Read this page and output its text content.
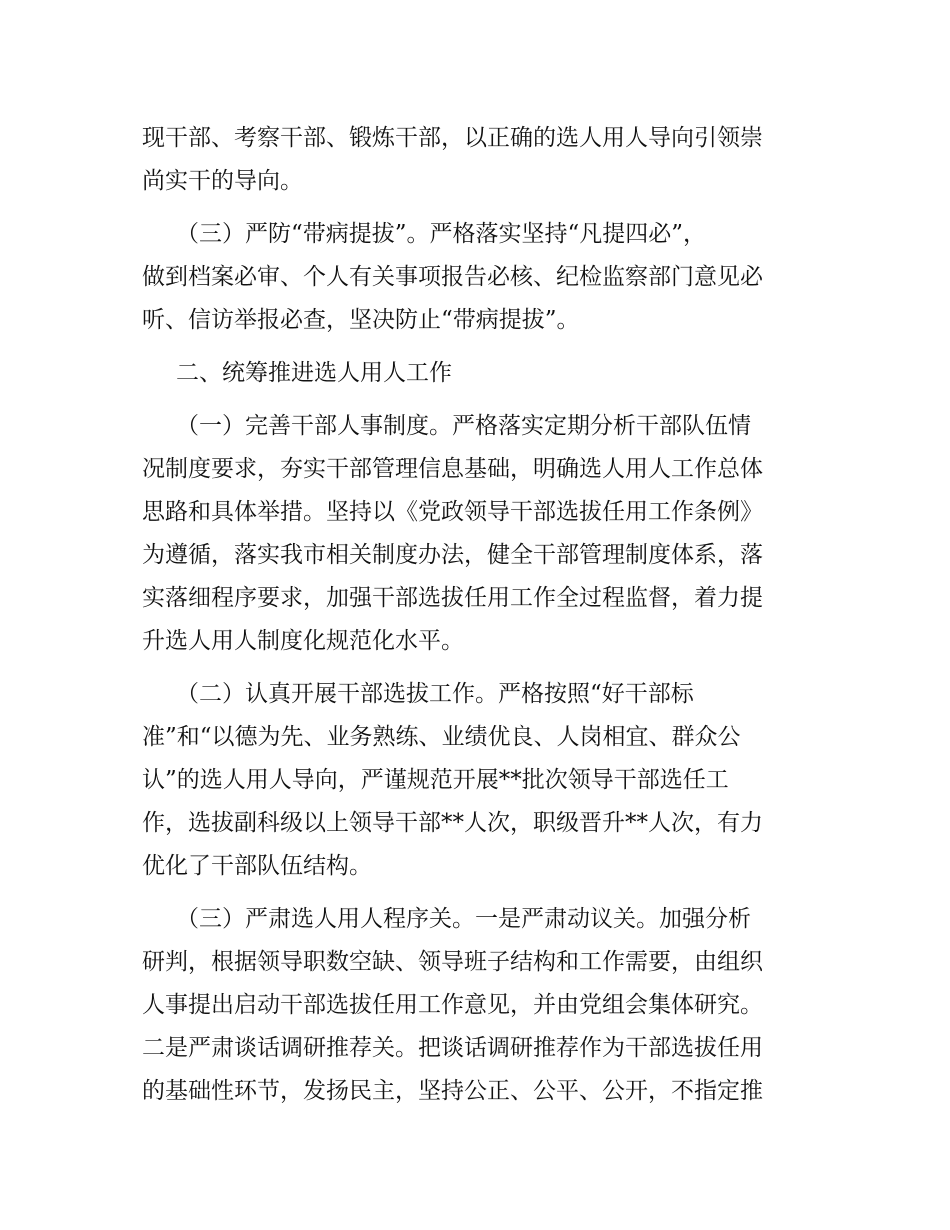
现干部、考察干部、锻炼干部，以正确的选人用人导向引领崇
尚实干的导向。
（三）严防“带病提拔”。严格落实坚持“凡提四必”，
做到档案必审、个人有关事项报告必核、纪检监察部门意见必
听、信访举报必查，坚决防止“带病提拔”。
二、统筹推进选人用人工作
（一）完善干部人事制度。严格落实定期分析干部队伍情
况制度要求，夯实干部管理信息基础，明确选人用人工作总体
思路和具体举措。坚持以《党政领导干部选拔任用工作条例》
为遵循，落实我市相关制度办法，健全干部管理制度体系，落
实落细程序要求，加强干部选拔任用工作全过程监督，着力提
升选人用人制度化规范化水平。
（二）认真开展干部选拔工作。严格按照“好干部标
准”和“以德为先、业务熟练、业绩优良、人岗相宜、群众公
认”的选人用人导向，严谨规范开展**批次领导干部选任工
作，选拔副科级以上领导干部**人次，职级晋升**人次，有力
优化了干部队伍结构。
（三）严肃选人用人程序关。一是严肃动议关。加强分析
研判，根据领导职数空缺、领导班子结构和工作需要，由组织
人事提出启动干部选拔任用工作意见，并由党组会集体研究。
二是严肃谈话调研推荐关。把谈话调研推荐作为干部选拔任用
的基础性环节，发扬民主，坚持公正、公平、公开，不指定推
